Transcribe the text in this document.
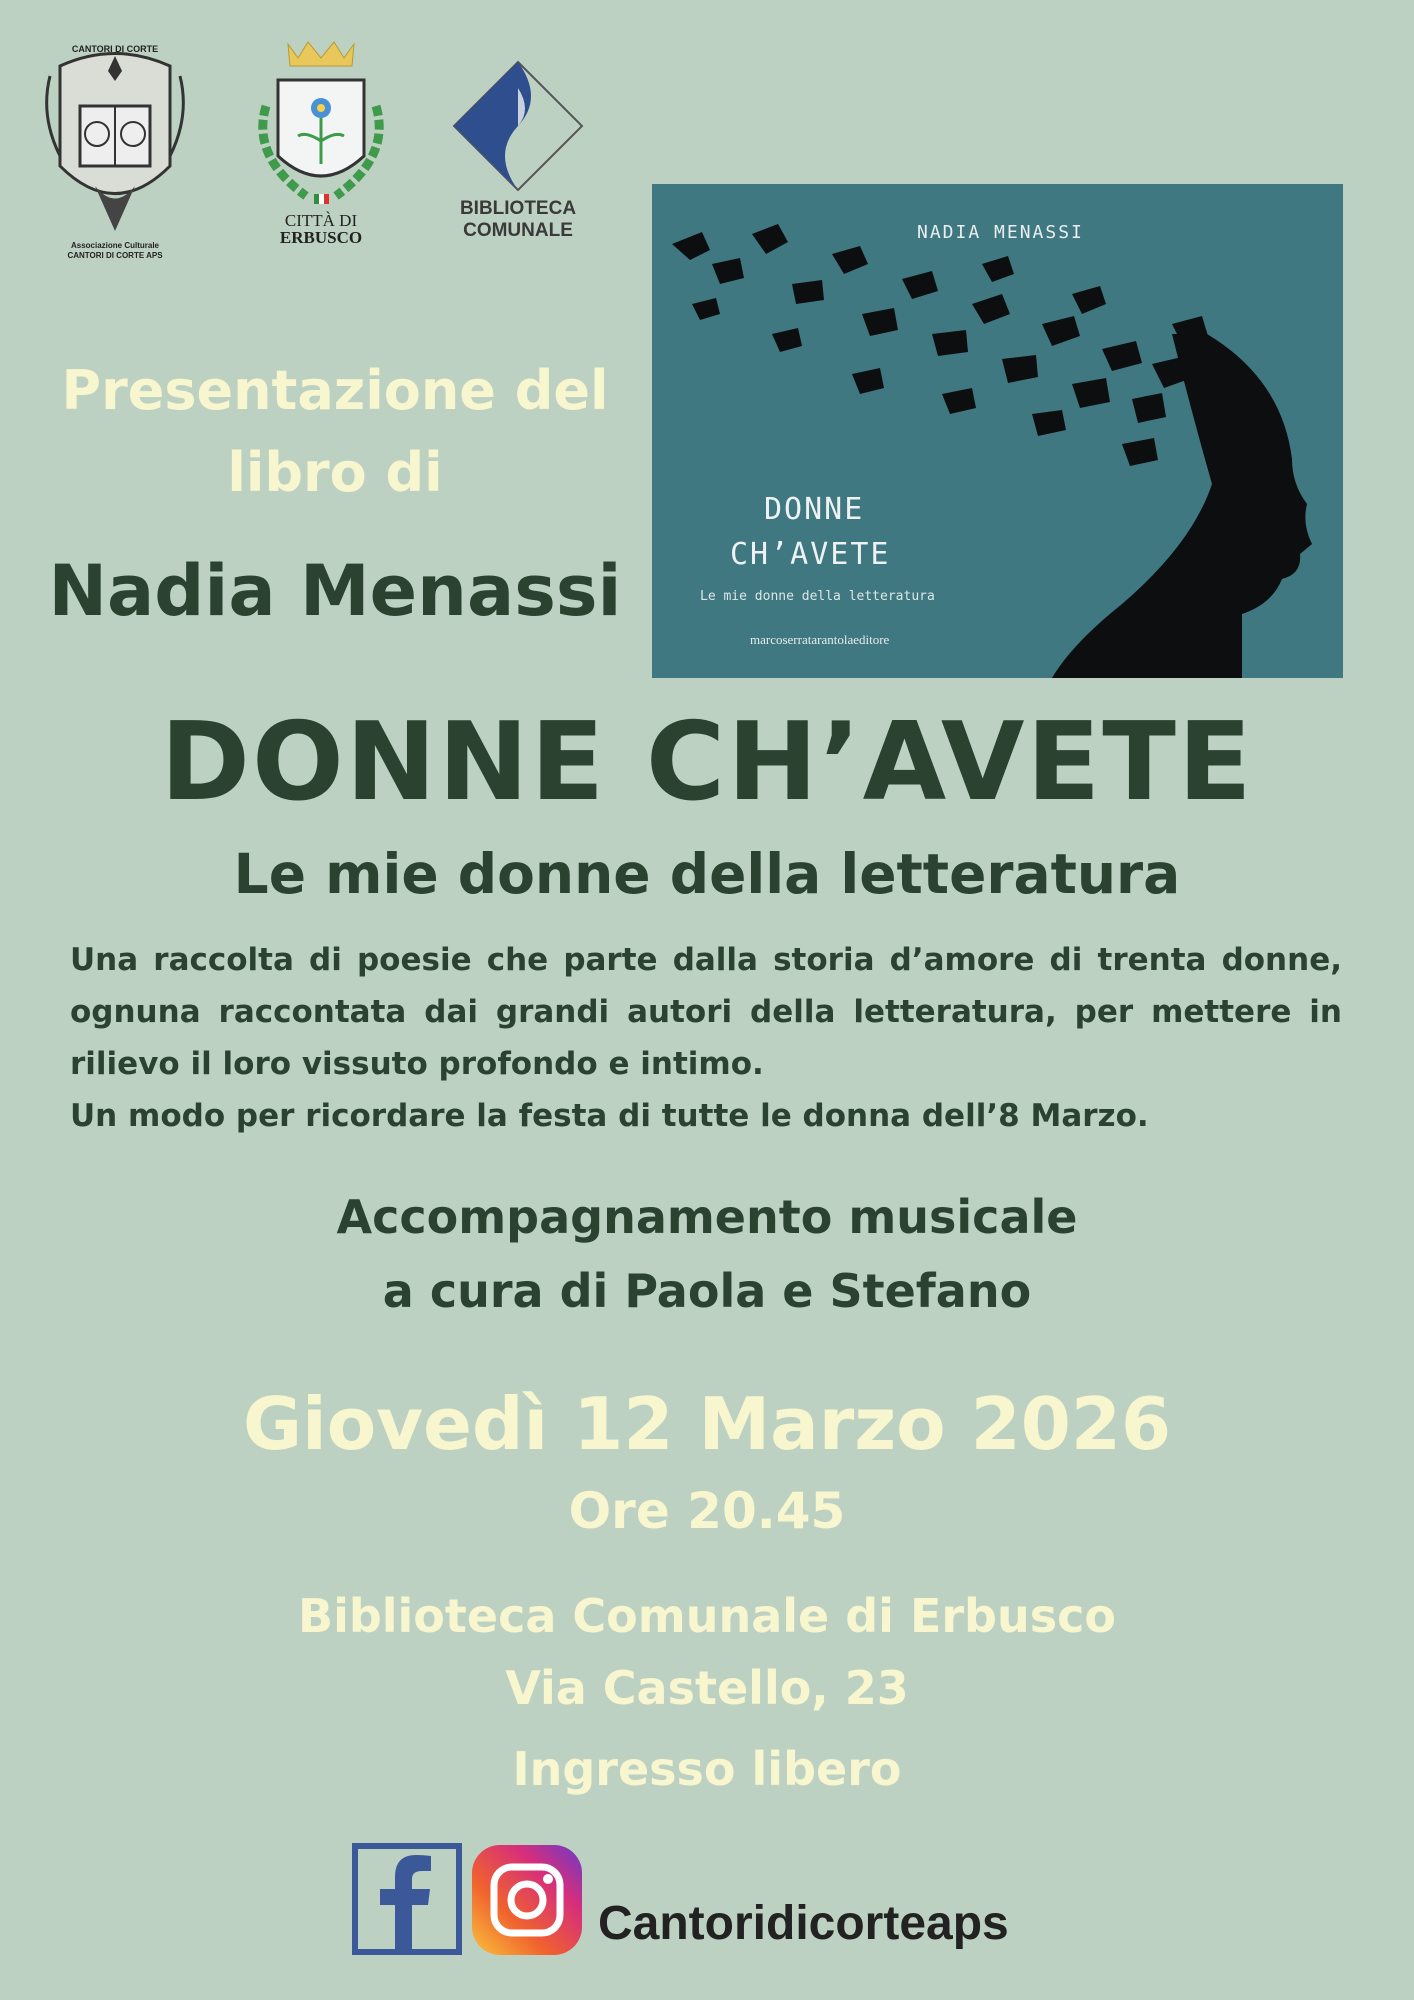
CANTORI DI CORTE
Associazione Culturale
CANTORI DI CORTE APS
CITTÀ DI
ERBUSCO
BIBLIOTECA
COMUNALE	NADIA MENASSI
DONNE
CH’AVETE
Le mie donne della letteratura
marcoserratarantolaeditore
Presentazione del
libro di
Nadia Menassi
DONNE CH’AVETE
Le mie donne della letteratura
Una raccolta di poesie che parte dalla storia d’amore di trenta donne, ognuna raccontata dai grandi autori della letteratura, per mettere in rilievo il loro vissuto profondo e intimo.
Un modo per ricordare la festa di tutte le donna dell’8 Marzo.
Accompagnamento musicale
a cura di Paola e Stefano
Giovedì 12 Marzo 2026
Ore 20.45
Biblioteca Comunale di Erbusco
Via Castello, 23
Ingresso libero
Cantoridicorteaps
